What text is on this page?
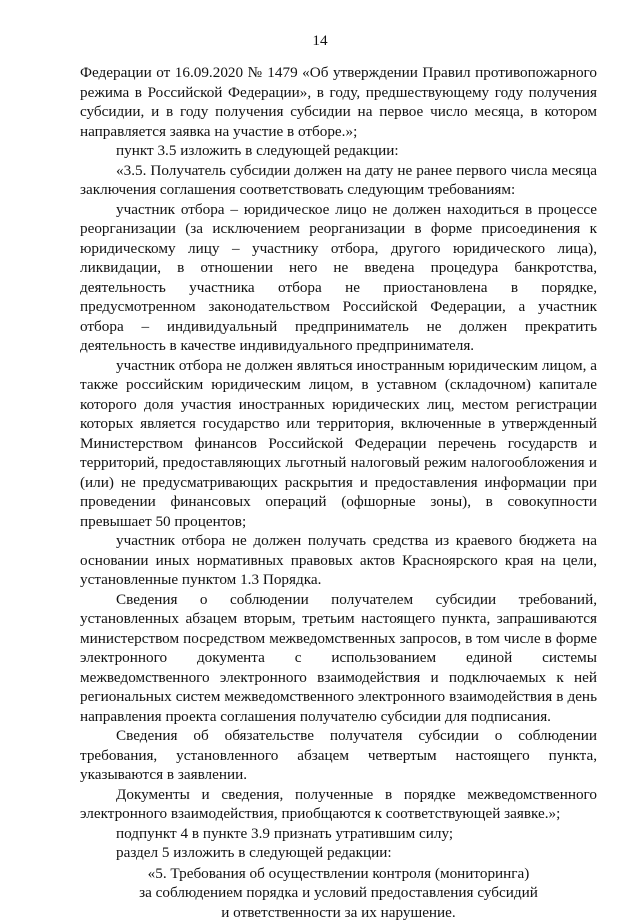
14

Федерации от 16.09.2020 № 1479 «Об утверждении Правил противопожарного режима в Российской Федерации», в году, предшествующему году получения субсидии, и в году получения субсидии на первое число месяца, в котором направляется заявка на участие в отборе.»;

пункт 3.5 изложить в следующей редакции:

«3.5. Получатель субсидии должен на дату не ранее первого числа месяца заключения соглашения соответствовать следующим требованиям:

участник отбора – юридическое лицо не должен находиться в процессе реорганизации (за исключением реорганизации в форме присоединения к юридическому лицу – участнику отбора, другого юридического лица), ликвидации, в отношении него не введена процедура банкротства, деятельность участника отбора не приостановлена в порядке, предусмотренном законодательством Российской Федерации, а участник отбора – индивидуальный предприниматель не должен прекратить деятельность в качестве индивидуального предпринимателя.

участник отбора не должен являться иностранным юридическим лицом, а также российским юридическим лицом, в уставном (складочном) капитале которого доля участия иностранных юридических лиц, местом регистрации которых является государство или территория, включенные в утвержденный Министерством финансов Российской Федерации перечень государств и территорий, предоставляющих льготный налоговый режим налогообложения и (или) не предусматривающих раскрытия и предоставления информации при проведении финансовых операций (офшорные зоны), в совокупности превышает 50 процентов;

участник отбора не должен получать средства из краевого бюджета на основании иных нормативных правовых актов Красноярского края на цели, установленные пунктом 1.3 Порядка.

Сведения о соблюдении получателем субсидии требований, установленных абзацем вторым, третьим настоящего пункта, запрашиваются министерством посредством межведомственных запросов, в том числе в форме электронного документа с использованием единой системы межведомственного электронного взаимодействия и подключаемых к ней региональных систем межведомственного электронного взаимодействия в день направления проекта соглашения получателю субсидии для подписания.

Сведения об обязательстве получателя субсидии о соблюдении требования, установленного абзацем четвертым настоящего пункта, указываются в заявлении.

Документы и сведения, полученные в порядке межведомственного электронного взаимодействия, приобщаются к соответствующей заявке.»;

подпункт 4 в пункте 3.9 признать утратившим силу;

раздел 5 изложить в следующей редакции:

«5. Требования об осуществлении контроля (мониторинга)
за соблюдением порядка и условий предоставления субсидий
и ответственности за их нарушение.
